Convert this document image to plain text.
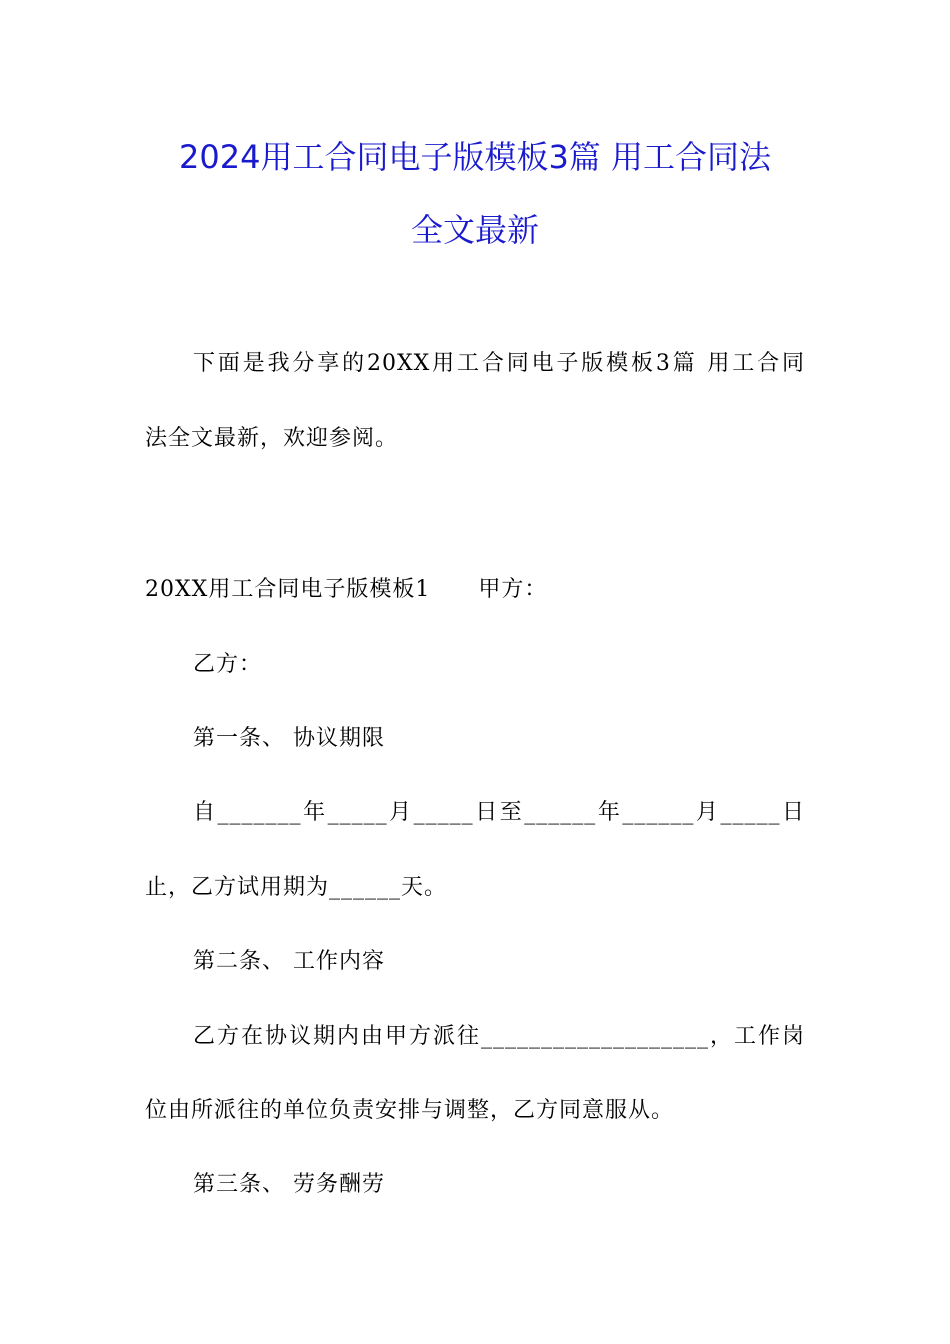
2024用工合同电子版模板3篇 用工合同法
全文最新

下面是我分享的20XX用工合同电子版模板3篇 用工合同

法全文最新，欢迎参阅。

20XX用工合同电子版模板1 甲方：

乙方：

第一条、 协议期限

自_______年_____月_____日至______年______月_____日

止，乙方试用期为______天。

第二条、 工作内容

乙方在协议期内由甲方派往___________________，工作岗

位由所派往的单位负责安排与调整，乙方同意服从。

第三条、 劳务酬劳
